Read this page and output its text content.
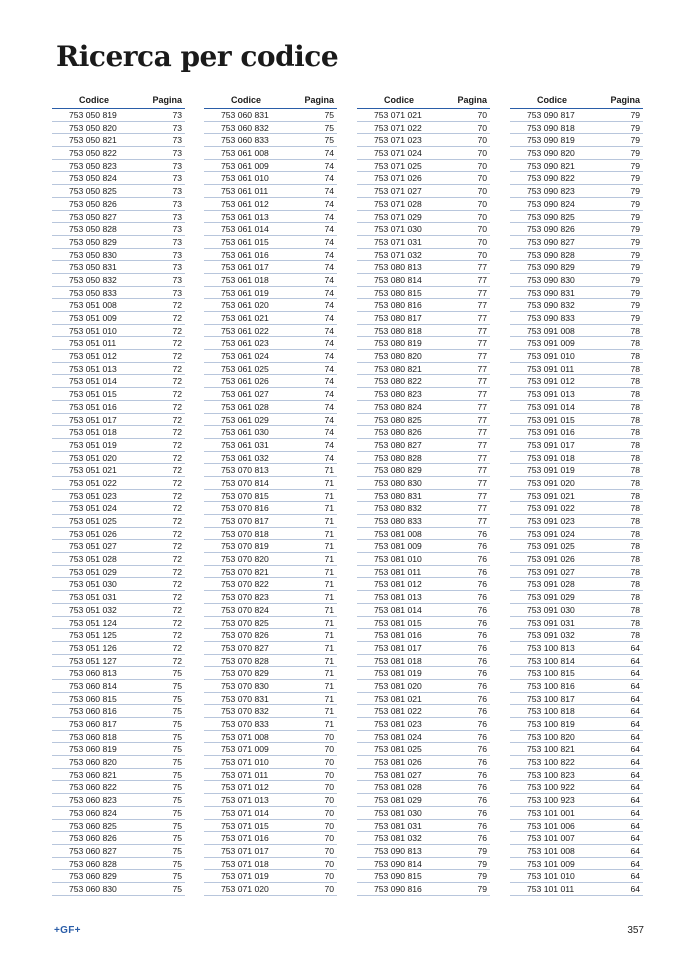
Ricerca per codice
Codice	Pagina
753 050 819	73
753 050 820	73
753 050 821	73
753 050 822	73
753 050 823	73
753 050 824	73
753 050 825	73
753 050 826	73
753 050 827	73
753 050 828	73
753 050 829	73
753 050 830	73
753 050 831	73
753 050 832	73
753 050 833	73
753 051 008	72
753 051 009	72
753 051 010	72
753 051 011	72
753 051 012	72
753 051 013	72
753 051 014	72
753 051 015	72
753 051 016	72
753 051 017	72
753 051 018	72
753 051 019	72
753 051 020	72
753 051 021	72
753 051 022	72
753 051 023	72
753 051 024	72
753 051 025	72
753 051 026	72
753 051 027	72
753 051 028	72
753 051 029	72
753 051 030	72
753 051 031	72
753 051 032	72
753 051 124	72
753 051 125	72
753 051 126	72
753 051 127	72
753 060 813	75
753 060 814	75
753 060 815	75
753 060 816	75
753 060 817	75
753 060 818	75
753 060 819	75
753 060 820	75
753 060 821	75
753 060 822	75
753 060 823	75
753 060 824	75
753 060 825	75
753 060 826	75
753 060 827	75
753 060 828	75
753 060 829	75
753 060 830	75
Codice	Pagina
753 060 831	75
753 060 832	75
753 060 833	75
753 061 008	74
753 061 009	74
753 061 010	74
753 061 011	74
753 061 012	74
753 061 013	74
753 061 014	74
753 061 015	74
753 061 016	74
753 061 017	74
753 061 018	74
753 061 019	74
753 061 020	74
753 061 021	74
753 061 022	74
753 061 023	74
753 061 024	74
753 061 025	74
753 061 026	74
753 061 027	74
753 061 028	74
753 061 029	74
753 061 030	74
753 061 031	74
753 061 032	74
753 070 813	71
753 070 814	71
753 070 815	71
753 070 816	71
753 070 817	71
753 070 818	71
753 070 819	71
753 070 820	71
753 070 821	71
753 070 822	71
753 070 823	71
753 070 824	71
753 070 825	71
753 070 826	71
753 070 827	71
753 070 828	71
753 070 829	71
753 070 830	71
753 070 831	71
753 070 832	71
753 070 833	71
753 071 008	70
753 071 009	70
753 071 010	70
753 071 011	70
753 071 012	70
753 071 013	70
753 071 014	70
753 071 015	70
753 071 016	70
753 071 017	70
753 071 018	70
753 071 019	70
753 071 020	70
Codice	Pagina
753 071 021	70
753 071 022	70
753 071 023	70
753 071 024	70
753 071 025	70
753 071 026	70
753 071 027	70
753 071 028	70
753 071 029	70
753 071 030	70
753 071 031	70
753 071 032	70
753 080 813	77
753 080 814	77
753 080 815	77
753 080 816	77
753 080 817	77
753 080 818	77
753 080 819	77
753 080 820	77
753 080 821	77
753 080 822	77
753 080 823	77
753 080 824	77
753 080 825	77
753 080 826	77
753 080 827	77
753 080 828	77
753 080 829	77
753 080 830	77
753 080 831	77
753 080 832	77
753 080 833	77
753 081 008	76
753 081 009	76
753 081 010	76
753 081 011	76
753 081 012	76
753 081 013	76
753 081 014	76
753 081 015	76
753 081 016	76
753 081 017	76
753 081 018	76
753 081 019	76
753 081 020	76
753 081 021	76
753 081 022	76
753 081 023	76
753 081 024	76
753 081 025	76
753 081 026	76
753 081 027	76
753 081 028	76
753 081 029	76
753 081 030	76
753 081 031	76
753 081 032	76
753 090 813	79
753 090 814	79
753 090 815	79
753 090 816	79
Codice	Pagina
753 090 817	79
753 090 818	79
753 090 819	79
753 090 820	79
753 090 821	79
753 090 822	79
753 090 823	79
753 090 824	79
753 090 825	79
753 090 826	79
753 090 827	79
753 090 828	79
753 090 829	79
753 090 830	79
753 090 831	79
753 090 832	79
753 090 833	79
753 091 008	78
753 091 009	78
753 091 010	78
753 091 011	78
753 091 012	78
753 091 013	78
753 091 014	78
753 091 015	78
753 091 016	78
753 091 017	78
753 091 018	78
753 091 019	78
753 091 020	78
753 091 021	78
753 091 022	78
753 091 023	78
753 091 024	78
753 091 025	78
753 091 026	78
753 091 027	78
753 091 028	78
753 091 029	78
753 091 030	78
753 091 031	78
753 091 032	78
753 100 813	64
753 100 814	64
753 100 815	64
753 100 816	64
753 100 817	64
753 100 818	64
753 100 819	64
753 100 820	64
753 100 821	64
753 100 822	64
753 100 823	64
753 100 922	64
753 100 923	64
753 101 001	64
753 101 006	64
753 101 007	64
753 101 008	64
753 101 009	64
753 101 010	64
753 101 011	64
+GF+	357
